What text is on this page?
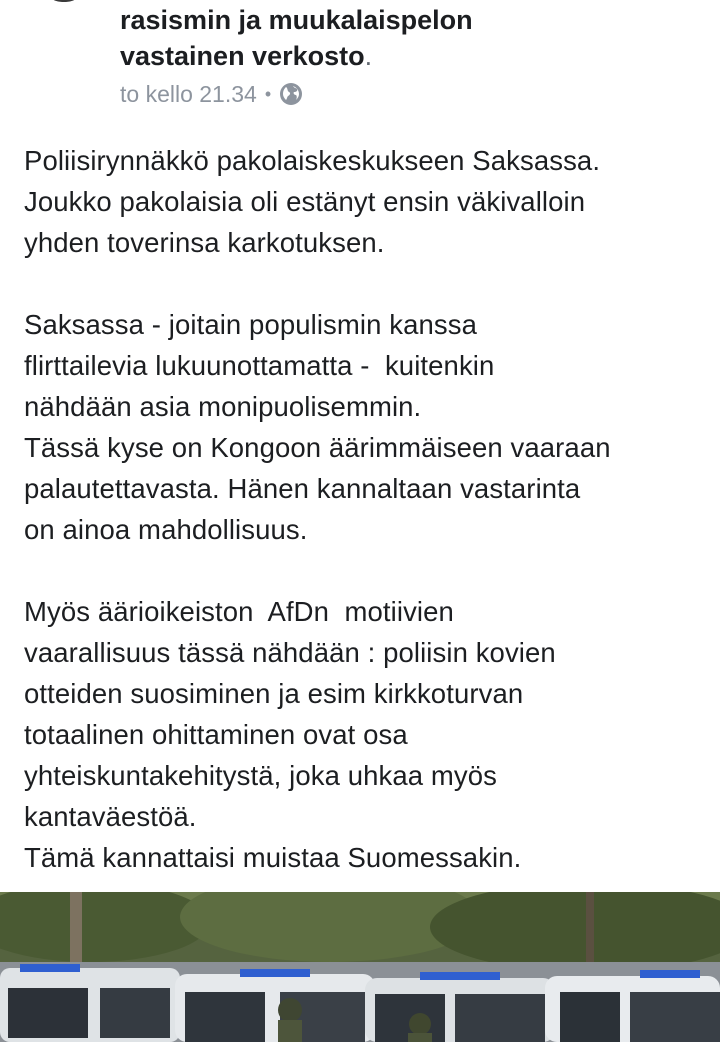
rasismin ja muukalaispelon
vastainen verkosto.

to kello 21.34 •
Poliisirynnäkkö pakolaiskeskukseen Saksassa.
Joukko pakolaisia oli estänyt ensin väkivalloin
yhden toverinsa karkotuksen.

Saksassa - joitain populismin kanssa
flirttailevia lukuunottamatta -  kuitenkin
nähdään asia monipuolisemmin.
Tässä kyse on Kongoon äärimmäiseen vaaraan
palautettavasta. Hänen kannaltaan vastarinta
on ainoa mahdollisuus.

Myös äärioikeiston  AfDn  motiivien
vaarallisuus tässä nähdään : poliisin kovien
otteiden suosiminen ja esim kirkkoturvan
totaalinen ohittaminen ovat osa
yhteiskuntakehitystä, joka uhkaa myös
kantaväestöä.
Tämä kannattaisi muistaa Suomessakin.
